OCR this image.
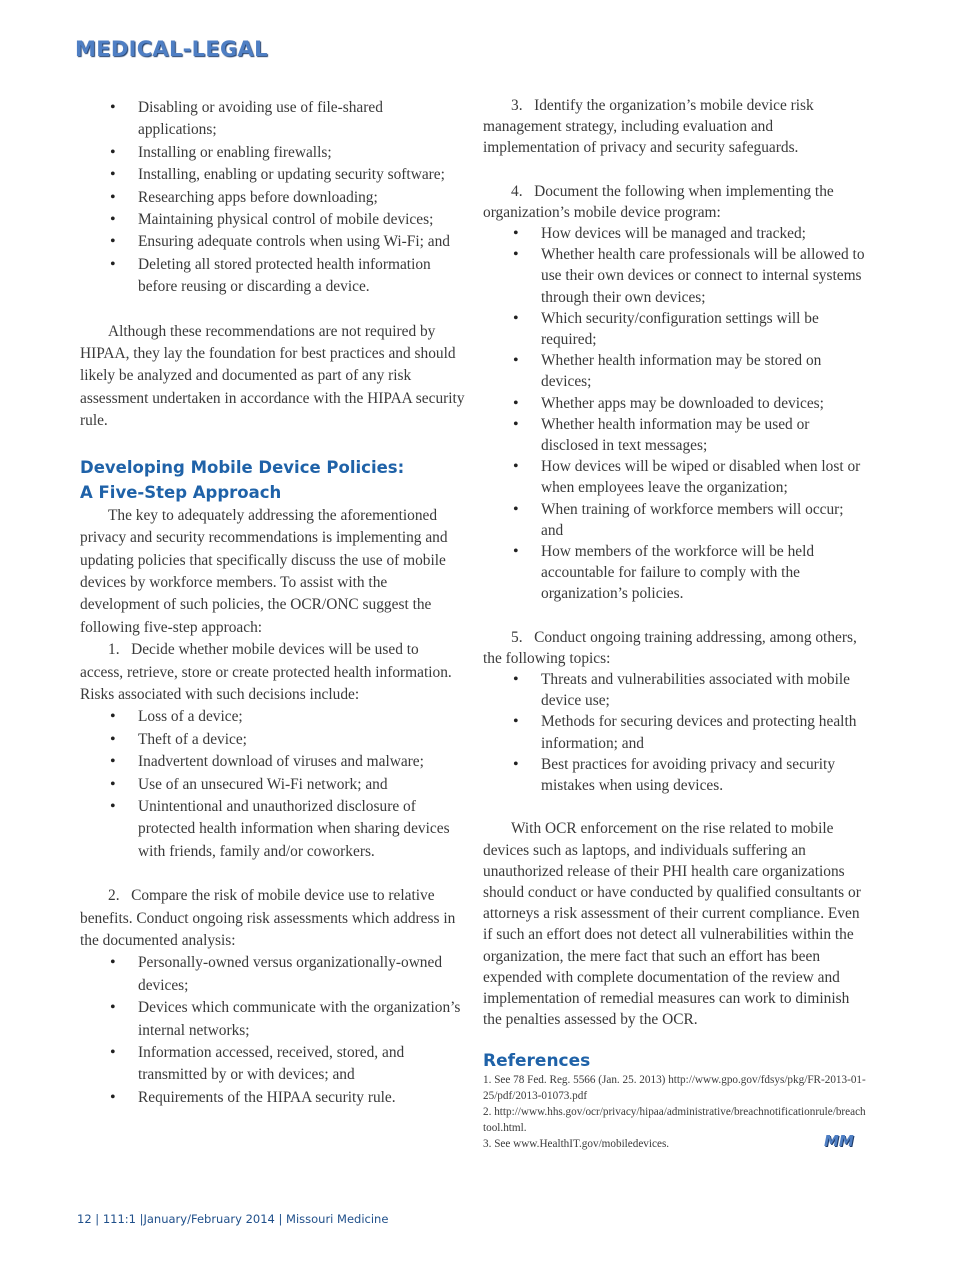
MEDICAL-LEGAL
• Disabling or avoiding use of file-shared applications;
• Installing or enabling firewalls;
• Installing, enabling or updating security software;
• Researching apps before downloading;
• Maintaining physical control of mobile devices;
• Ensuring adequate controls when using Wi-Fi; and
• Deleting all stored protected health information before reusing or discarding a device.

Although these recommendations are not required by HIPAA, they lay the foundation for best practices and should likely be analyzed and documented as part of any risk assessment undertaken in accordance with the HIPAA security rule.

Developing Mobile Device Policies:
A Five-Step Approach

The key to adequately addressing the aforementioned privacy and security recommendations is implementing and updating policies that specifically discuss the use of mobile devices by workforce members. To assist with the development of such policies, the OCR/ONC suggest the following five-step approach:

1.   Decide whether mobile devices will be used to access, retrieve, store or create protected health information. Risks associated with such decisions include:

• Loss of a device;
• Theft of a device;
• Inadvertent download of viruses and malware;
• Use of an unsecured Wi-Fi network; and
• Unintentional and unauthorized disclosure of protected health information when sharing devices with friends, family and/or coworkers.

2.   Compare the risk of mobile device use to relative benefits. Conduct ongoing risk assessments which address in the documented analysis:

• Personally-owned versus organizationally-owned devices;
• Devices which communicate with the organization’s internal networks;
• Information accessed, received, stored, and transmitted by or with devices; and
• Requirements of the HIPAA security rule.

3.   Identify the organization’s mobile device risk management strategy, including evaluation and implementation of privacy and security safeguards.

4.   Document the following when implementing the organization’s mobile device program:

• How devices will be managed and tracked;
• Whether health care professionals will be allowed to use their own devices or connect to internal systems through their own devices;
• Which security/configuration settings will be required;
• Whether health information may be stored on devices;
• Whether apps may be downloaded to devices;
• Whether health information may be used or disclosed in text messages;
• How devices will be wiped or disabled when lost or when employees leave the organization;
• When training of workforce members will occur; and
• How members of the workforce will be held accountable for failure to comply with the organization’s policies.

5.   Conduct ongoing training addressing, among others, the following topics:

• Threats and vulnerabilities associated with mobile device use;
• Methods for securing devices and protecting health information; and
• Best practices for avoiding privacy and security mistakes when using devices.

With OCR enforcement on the rise related to mobile devices such as laptops, and individuals suffering an unauthorized release of their PHI health care organizations should conduct or have conducted by qualified consultants or attorneys a risk assessment of their current compliance. Even if such an effort does not detect all vulnerabilities within the organization, the mere fact that such an effort has been expended with complete documentation of the review and implementation of remedial measures can work to diminish the penalties assessed by the OCR.

References
1. See 78 Fed. Reg. 5566 (Jan. 25. 2013) http://www.gpo.gov/fdsys/pkg/FR-2013-01-25/pdf/2013-01073.pdf
2. http://www.hhs.gov/ocr/privacy/hipaa/administrative/breachnotificationrule/breachtool.html.
3. See www.HealthIT.gov/mobiledevices.	MM
12 | 111:1 |January/February 2014 | Missouri Medicine
